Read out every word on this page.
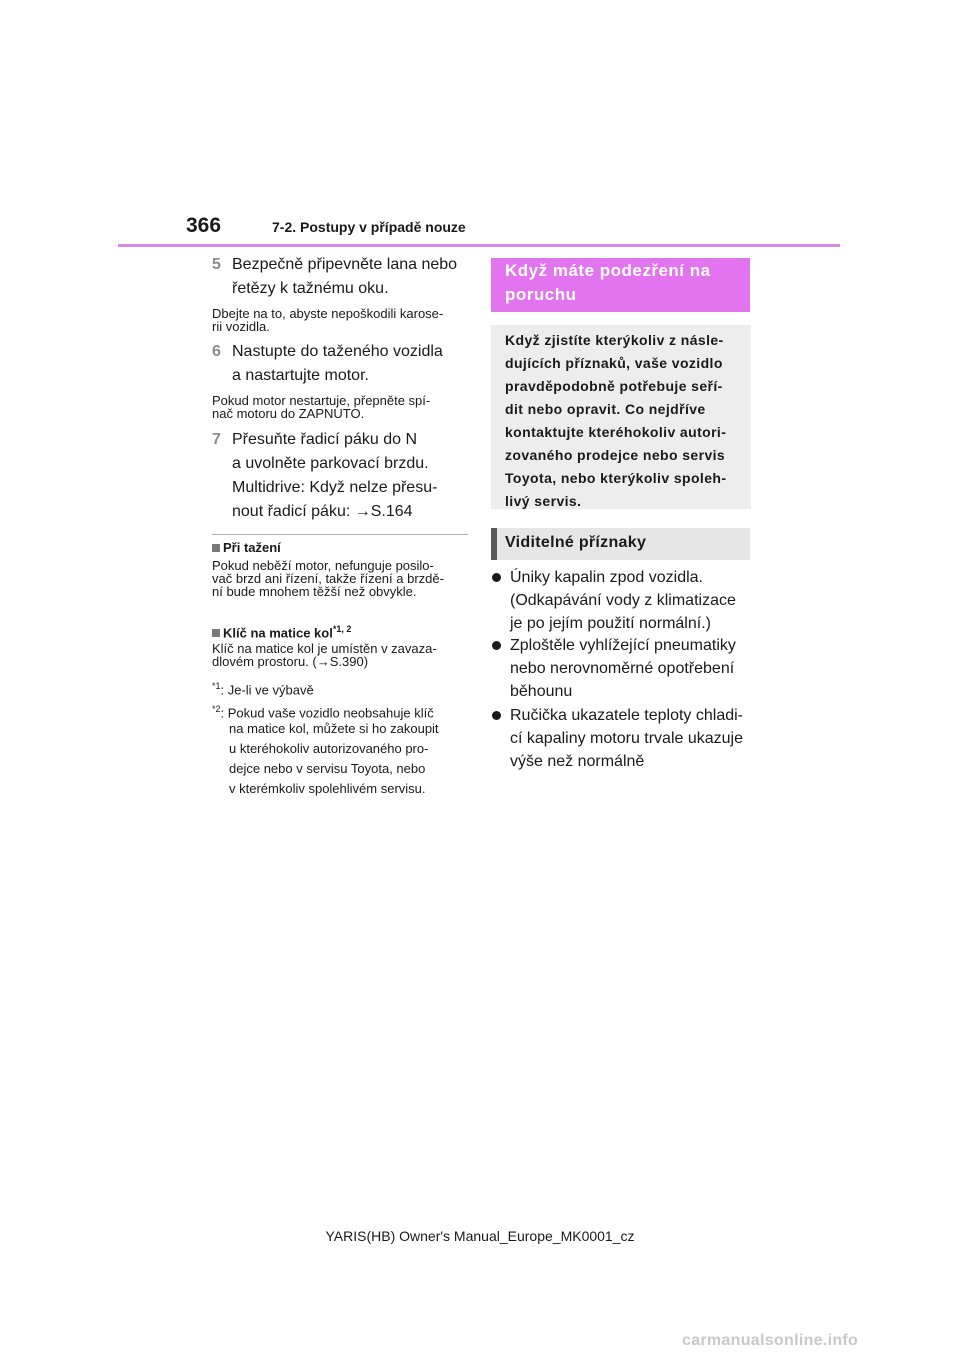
366	7-2. Postupy v případě nouze
5 Bezpečně připevněte lana nebo
řetězy k tažnému oku.
Dbejte na to, abyste nepoškodili karose-
rii vozidla.
6 Nastupte do taženého vozidla
a nastartujte motor.
Pokud motor nestartuje, přepněte spí-
nač motoru do ZAPNUTO.
7 Přesuňte řadicí páku do N
a uvolněte parkovací brzdu.
Multidrive: Když nelze přesu-
nout řadicí páku: →S.164
Při tažení
Pokud neběží motor, nefunguje posilo-
vač brzd ani řízení, takže řízení a brzdě-
ní bude mnohem těžší než obvykle.
Klíč na matice kol$^{*1, 2}$
Klíč na matice kol je umístěn v zavaza-
dlovém prostoru. (→S.390)
$^{*1}$: Je-li ve výbavě
$^{*2}$: Pokud vaše vozidlo neobsahuje klíč
na matice kol, můžete si ho zakoupit
u kteréhokoliv autorizovaného pro-
dejce nebo v servisu Toyota, nebo
v kterémkoliv spolehlivém servisu.
Když máte podezření na
poruchu
Když zjistíte kterýkoliv z násle-
dujících příznaků, vaše vozidlo
pravděpodobně potřebuje seří-
dit nebo opravit. Co nejdříve
kontaktujte kteréhokoliv autori-
zovaného prodejce nebo servis
Toyota, nebo kterýkoliv spoleh-
livý servis.
Viditelné příznaky
Úniky kapalin zpod vozidla.
(Odkapávání vody z klimatizace
je po jejím použití normální.)
Zploštěle vyhlížející pneumatiky
nebo nerovnoměrné opotřebení
běhounu
Ručička ukazatele teploty chladi-
cí kapaliny motoru trvale ukazuje
výše než normálně
YARIS(HB) Owner's Manual_Europe_MK0001_cz
carmanualsonline.info
